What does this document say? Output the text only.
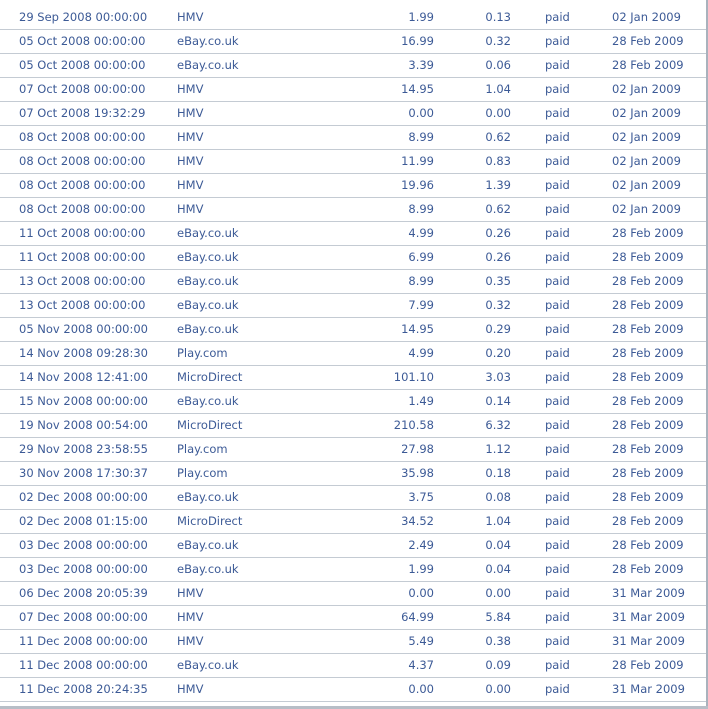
29 Sep 2008 00:00:00	HMV	1.99	0.13	paid	02 Jan 2009
05 Oct 2008 00:00:00	eBay.co.uk	16.99	0.32	paid	28 Feb 2009
05 Oct 2008 00:00:00	eBay.co.uk	3.39	0.06	paid	28 Feb 2009
07 Oct 2008 00:00:00	HMV	14.95	1.04	paid	02 Jan 2009
07 Oct 2008 19:32:29	HMV	0.00	0.00	paid	02 Jan 2009
08 Oct 2008 00:00:00	HMV	8.99	0.62	paid	02 Jan 2009
08 Oct 2008 00:00:00	HMV	11.99	0.83	paid	02 Jan 2009
08 Oct 2008 00:00:00	HMV	19.96	1.39	paid	02 Jan 2009
08 Oct 2008 00:00:00	HMV	8.99	0.62	paid	02 Jan 2009
11 Oct 2008 00:00:00	eBay.co.uk	4.99	0.26	paid	28 Feb 2009
11 Oct 2008 00:00:00	eBay.co.uk	6.99	0.26	paid	28 Feb 2009
13 Oct 2008 00:00:00	eBay.co.uk	8.99	0.35	paid	28 Feb 2009
13 Oct 2008 00:00:00	eBay.co.uk	7.99	0.32	paid	28 Feb 2009
05 Nov 2008 00:00:00	eBay.co.uk	14.95	0.29	paid	28 Feb 2009
14 Nov 2008 09:28:30	Play.com	4.99	0.20	paid	28 Feb 2009
14 Nov 2008 12:41:00	MicroDirect	101.10	3.03	paid	28 Feb 2009
15 Nov 2008 00:00:00	eBay.co.uk	1.49	0.14	paid	28 Feb 2009
19 Nov 2008 00:54:00	MicroDirect	210.58	6.32	paid	28 Feb 2009
29 Nov 2008 23:58:55	Play.com	27.98	1.12	paid	28 Feb 2009
30 Nov 2008 17:30:37	Play.com	35.98	0.18	paid	28 Feb 2009
02 Dec 2008 00:00:00	eBay.co.uk	3.75	0.08	paid	28 Feb 2009
02 Dec 2008 01:15:00	MicroDirect	34.52	1.04	paid	28 Feb 2009
03 Dec 2008 00:00:00	eBay.co.uk	2.49	0.04	paid	28 Feb 2009
03 Dec 2008 00:00:00	eBay.co.uk	1.99	0.04	paid	28 Feb 2009
06 Dec 2008 20:05:39	HMV	0.00	0.00	paid	31 Mar 2009
07 Dec 2008 00:00:00	HMV	64.99	5.84	paid	31 Mar 2009
11 Dec 2008 00:00:00	HMV	5.49	0.38	paid	31 Mar 2009
11 Dec 2008 00:00:00	eBay.co.uk	4.37	0.09	paid	28 Feb 2009
11 Dec 2008 20:24:35	HMV	0.00	0.00	paid	31 Mar 2009
